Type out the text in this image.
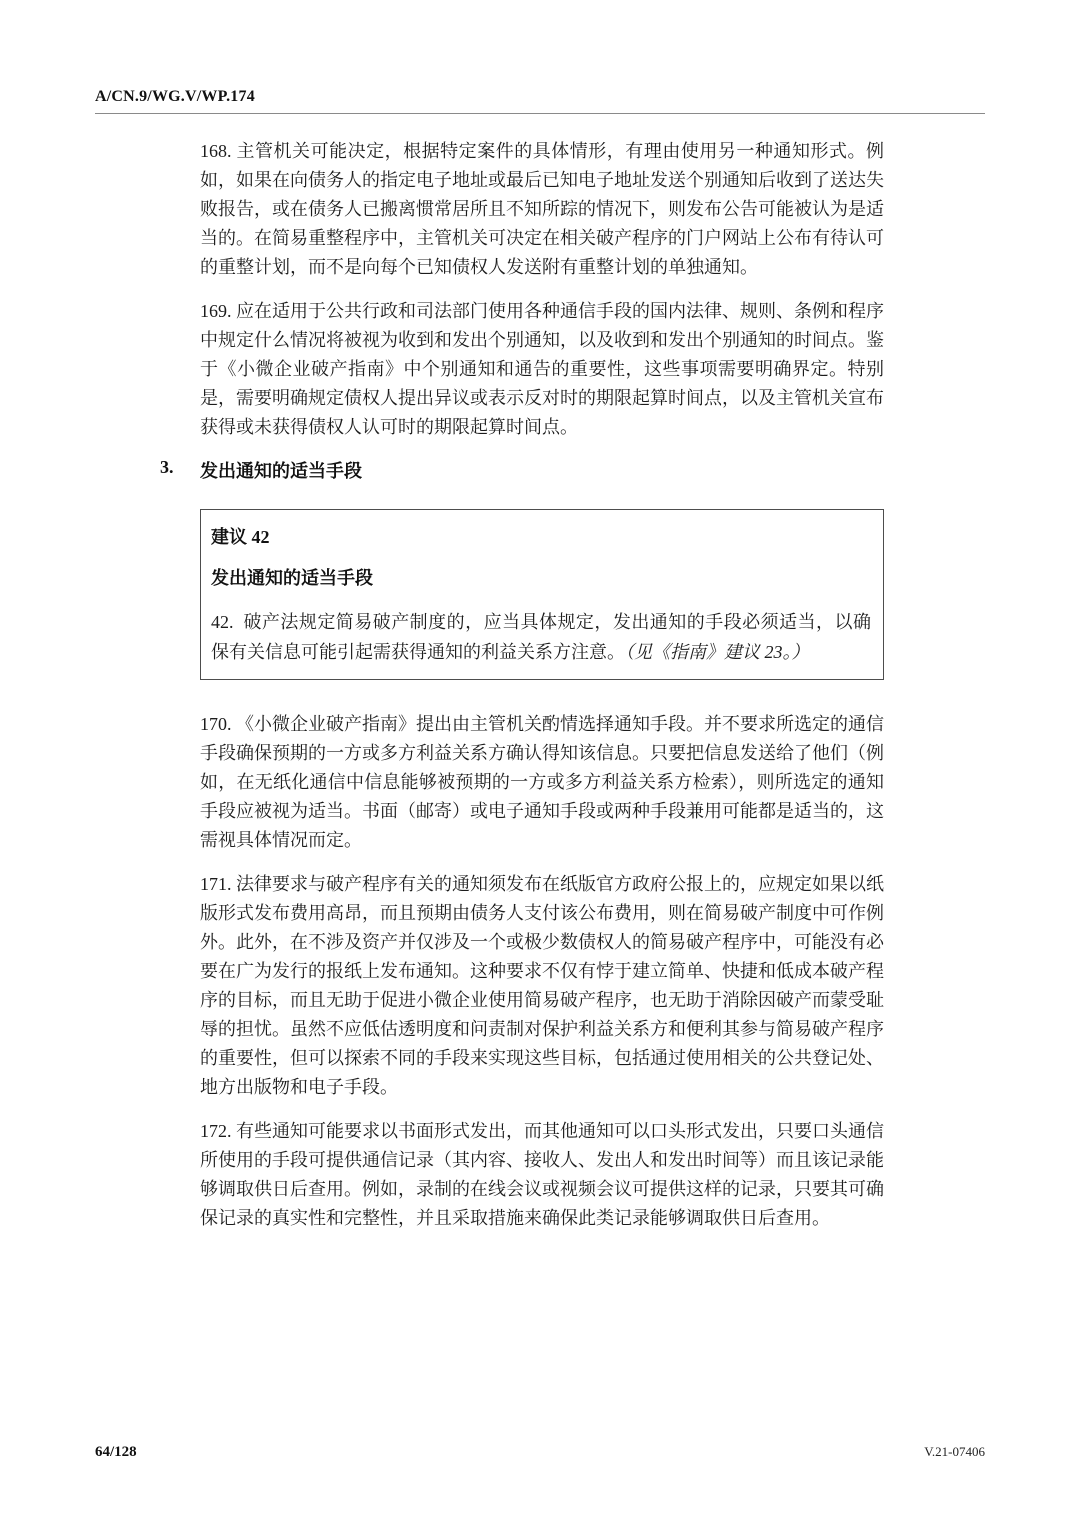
A/CN.9/WG.V/WP.174

168. 主管机关可能决定，根据特定案件的具体情形，有理由使用另一种通知形式。例如，如果在向债务人的指定电子地址或最后已知电子地址发送个别通知后收到了送达失败报告，或在债务人已搬离惯常居所且不知所踪的情况下，则发布公告可能被认为是适当的。在简易重整程序中，主管机关可决定在相关破产程序的门户网站上公布有待认可的重整计划，而不是向每个已知债权人发送附有重整计划的单独通知。

169. 应在适用于公共行政和司法部门使用各种通信手段的国内法律、规则、条例和程序中规定什么情况将被视为收到和发出个别通知，以及收到和发出个别通知的时间点。鉴于《小微企业破产指南》中个别通知和通告的重要性，这些事项需要明确界定。特别是，需要明确规定债权人提出异议或表示反对时的期限起算时间点，以及主管机关宣布获得或未获得债权人认可时的期限起算时间点。

3.	发出通知的适当手段

建议 42

发出通知的适当手段

42.  破产法规定简易破产制度的，应当具体规定，发出通知的手段必须适当，以确保有关信息可能引起需获得通知的利益关系方注意。（见《指南》建议 23。）

170. 《小微企业破产指南》提出由主管机关酌情选择通知手段。并不要求所选定的通信手段确保预期的一方或多方利益关系方确认得知该信息。只要把信息发送给了他们（例如，在无纸化通信中信息能够被预期的一方或多方利益关系方检索），则所选定的通知手段应被视为适当。书面（邮寄）或电子通知手段或两种手段兼用可能都是适当的，这需视具体情况而定。

171. 法律要求与破产程序有关的通知须发布在纸版官方政府公报上的，应规定如果以纸版形式发布费用高昂，而且预期由债务人支付该公布费用，则在简易破产制度中可作例外。此外，在不涉及资产并仅涉及一个或极少数债权人的简易破产程序中，可能没有必要在广为发行的报纸上发布通知。这种要求不仅有悖于建立简单、快捷和低成本破产程序的目标，而且无助于促进小微企业使用简易破产程序，也无助于消除因破产而蒙受耻辱的担忧。虽然不应低估透明度和问责制对保护利益关系方和便利其参与简易破产程序的重要性，但可以探索不同的手段来实现这些目标，包括通过使用相关的公共登记处、地方出版物和电子手段。

172. 有些通知可能要求以书面形式发出，而其他通知可以口头形式发出，只要口头通信所使用的手段可提供通信记录（其内容、接收人、发出人和发出时间等）而且该记录能够调取供日后查用。例如，录制的在线会议或视频会议可提供这样的记录，只要其可确保记录的真实性和完整性，并且采取措施来确保此类记录能够调取供日后查用。

64/128	V.21-07406
